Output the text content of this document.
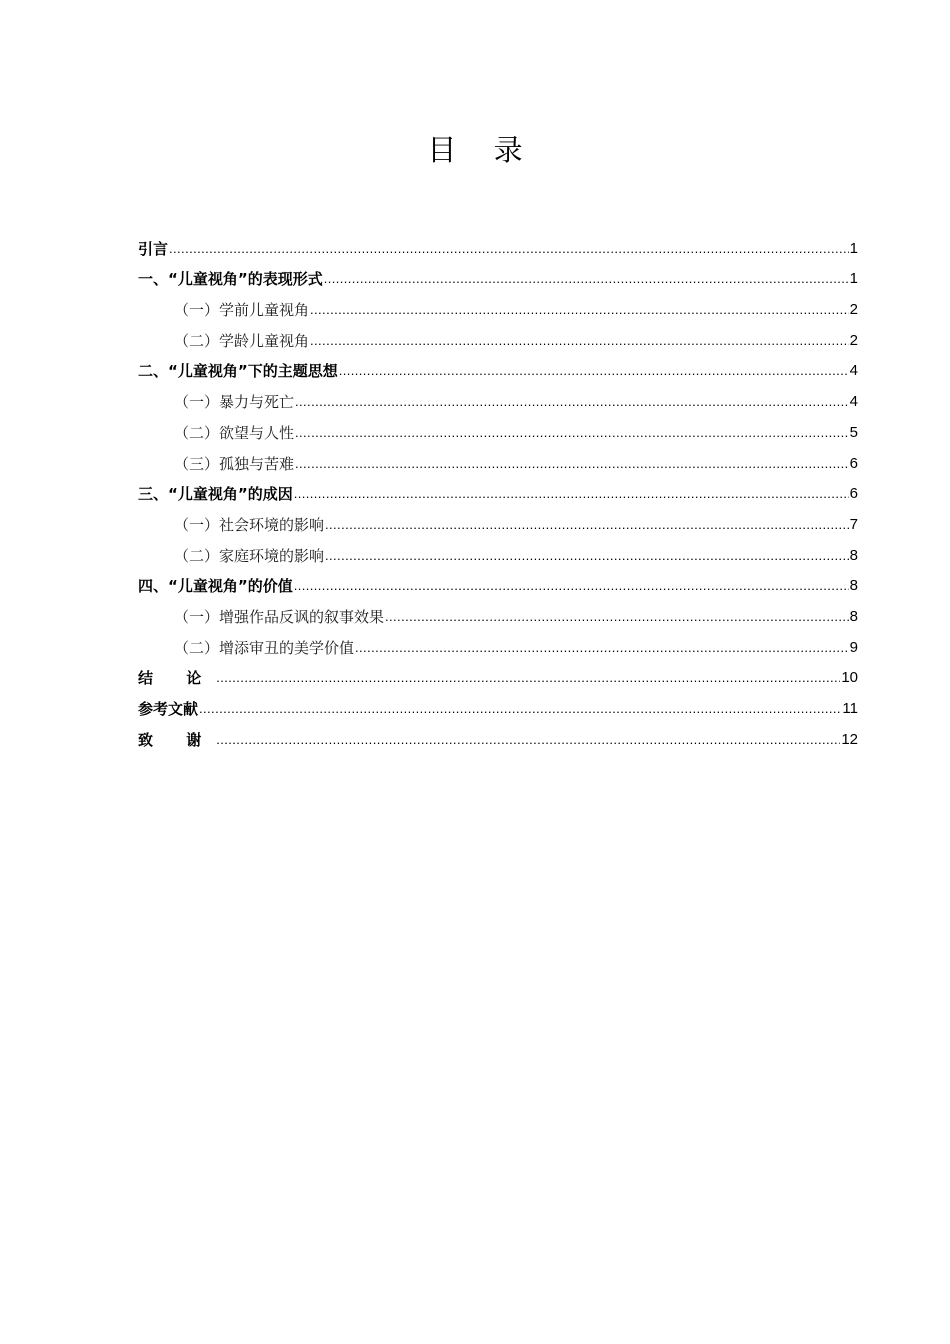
目 录
引言 .....	1
一、“儿童视角”的表现形式 .....	1
（一）学前儿童视角 .....	2
（二）学龄儿童视角 .....	2
二、“儿童视角”下的主题思想 .....	4
（一）暴力与死亡 .....	4
（二）欲望与人性 .....	5
（三）孤独与苦难 .....	6
三、“儿童视角”的成因 .....	6
（一）社会环境的影响 .....	7
（二）家庭环境的影响 .....	8
四、“儿童视角”的价值 .....	8
（一）增强作品反讽的叙事效果 .....	8
（二）增添审丑的美学价值 .....	9
结 论 .....	10
参考文献 .....	11
致 谢 .....	12
